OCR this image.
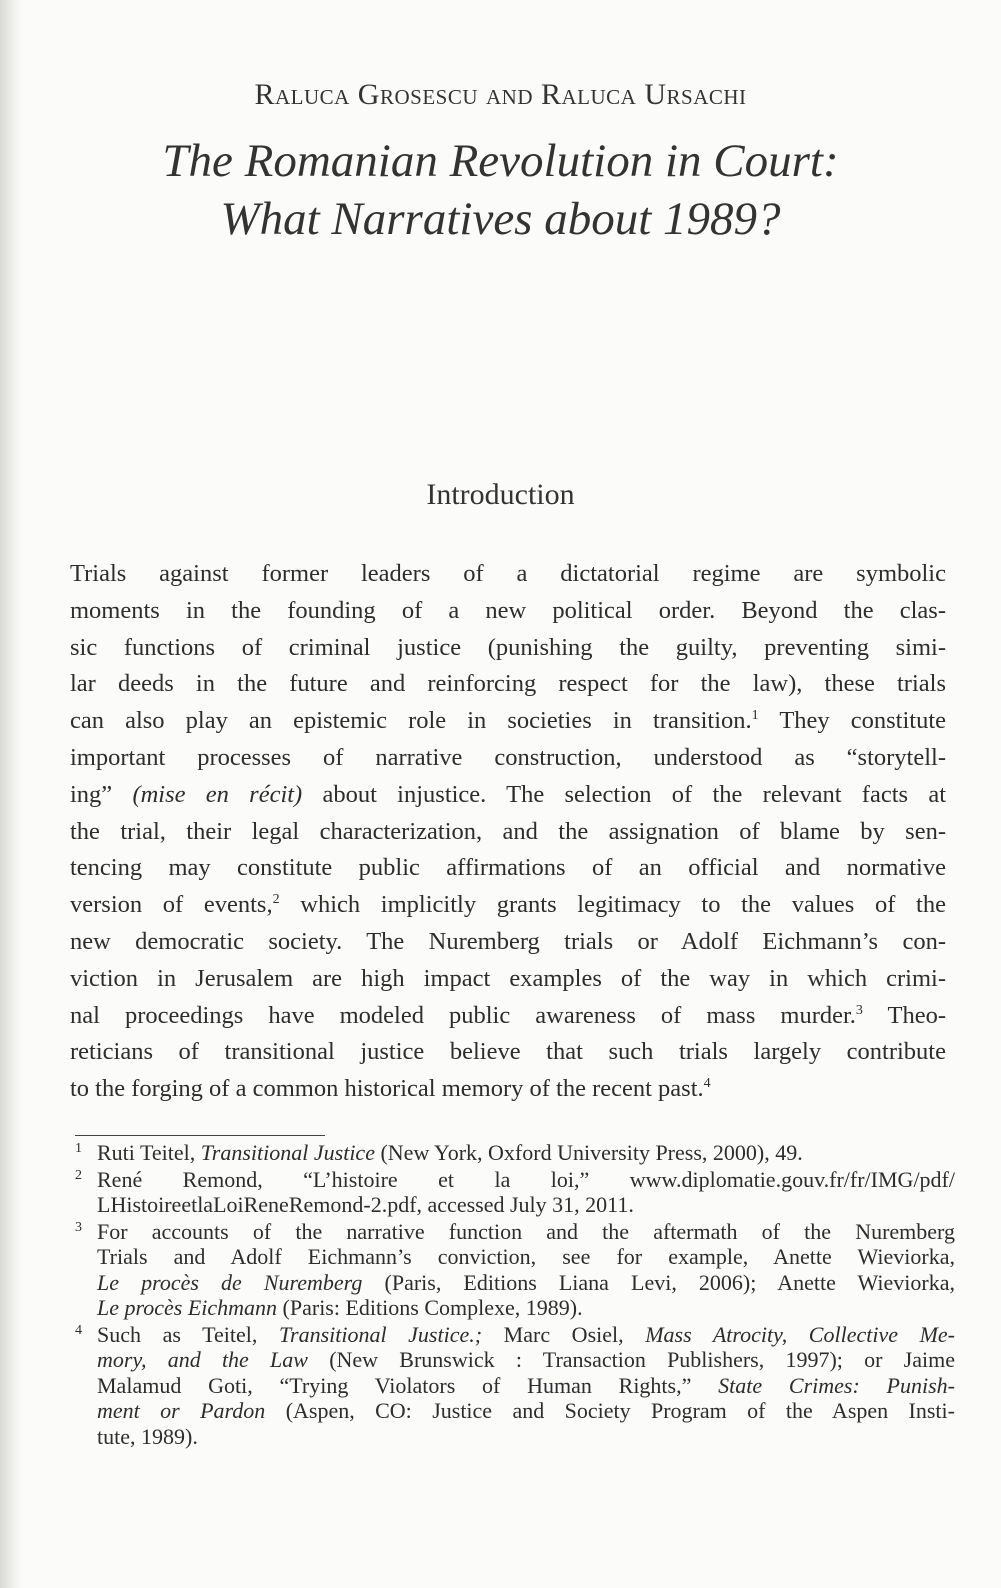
Raluca Grosescu and Raluca Ursachi
The Romanian Revolution in Court:
What Narratives about 1989?
Introduction
Trials against former leaders of a dictatorial regime are symbolic
moments in the founding of a new political order. Beyond the clas-
sic functions of criminal justice (punishing the guilty, preventing simi-
lar deeds in the future and reinforcing respect for the law), these trials
can also play an epistemic role in societies in transition.$^1$ They constitute
important processes of narrative construction, understood as “storytell-
ing” (mise en récit) about injustice. The selection of the relevant facts at
the trial, their legal characterization, and the assignation of blame by sen-
tencing may constitute public affirmations of an official and normative
version of events,$^2$ which implicitly grants legitimacy to the values of the
new democratic society. The Nuremberg trials or Adolf Eichmann’s con-
viction in Jerusalem are high impact examples of the way in which crimi-
nal proceedings have modeled public awareness of mass murder.$^3$ Theo-
reticians of transitional justice believe that such trials largely contribute
to the forging of a common historical memory of the recent past.$^4$
1 Ruti Teitel, Transitional Justice (New York, Oxford University Press, 2000), 49.
2 René Remond, “L’histoire et la loi,” www.diplomatie.gouv.fr/fr/IMG/pdf/
LHistoireetlaLoiReneRemond-2.pdf, accessed July 31, 2011.
3 For accounts of the narrative function and the aftermath of the Nuremberg
Trials and Adolf Eichmann’s conviction, see for example, Anette Wieviorka,
Le procès de Nuremberg (Paris, Editions Liana Levi, 2006); Anette Wieviorka,
Le procès Eichmann (Paris: Editions Complexe, 1989).
4 Such as Teitel, Transitional Justice.; Marc Osiel, Mass Atrocity, Collective Me-
mory, and the Law (New Brunswick : Transaction Publishers, 1997); or Jaime
Malamud Goti, “Trying Violators of Human Rights,” State Crimes: Punish-
ment or Pardon (Aspen, CO: Justice and Society Program of the Aspen Insti-
tute, 1989).
